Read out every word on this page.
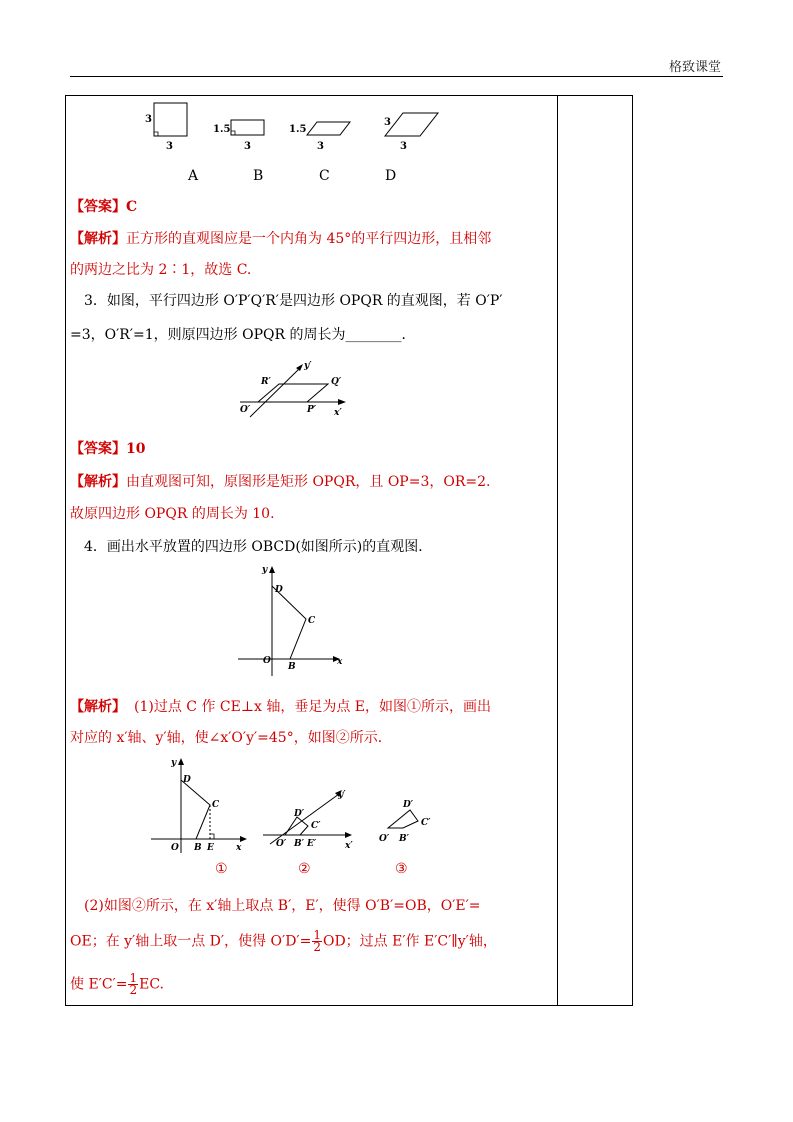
格致课堂
3
3
1.5
3
1.5
3
3
3
A	B	C	D
【答案】C
【解析】正方形的直观图应是一个内角为 45°的平行四边形，且相邻
的两边之比为 2∶1，故选 C.
3．如图，平行四边形 O′P′Q′R′是四边形 OPQR 的直观图，若 O′P′
=3，O′R′=1，则原四边形 OPQR 的周长为________．
y′
R′	Q′
O′	P′ x′
【答案】10
【解析】由直观图可知，原图形是矩形 OPQR，且 OP=3，OR=2.
故原四边形 OPQR 的周长为 10.
4．画出水平放置的四边形 OBCD(如图所示)的直观图．
y
D
C
O
B	x
【解析】 (1)过点 C 作 CE⊥x 轴，垂足为点 E，如图①所示，画出
对应的 x′轴、y′轴，使∠x′O′y′=45°，如图②所示．
y
D
C
O B E x
y′
D′
C′
O′ B′ E′	x′
D′
C′
O′ B′
①	②	③
(2)如图②所示，在 x′轴上取点 B′，E′，使得 O′B′=OB，O′E′=
OE；在 y′轴上取一点 D′，使得 $O'D'= \frac{1}{2}$ OD；过点 E′作 E′C′∥y′轴，
使 $E'C'= \frac{1}{2}$ EC.
